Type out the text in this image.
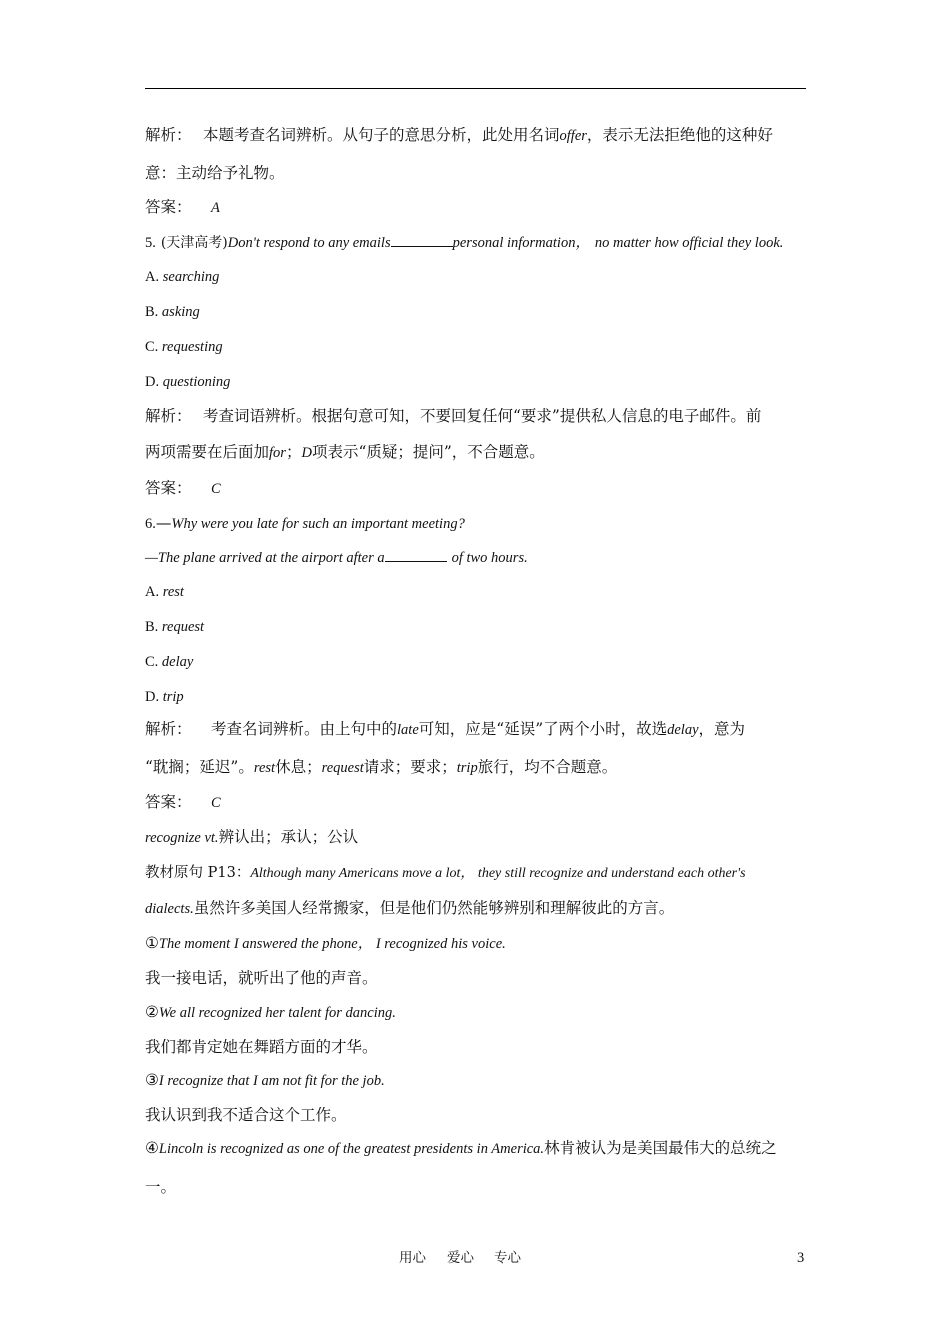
解析： 本题考查名词辨析。从句子的意思分析，此处用名词offer，表示无法拒绝他的这种好
意：主动给予礼物。
答案： A
5. (天津高考)Don't respond to any emails	personal information， no matter how official they look.
A. searching
B. asking
C. requesting
D. questioning
解析： 考查词语辨析。根据句意可知，不要回复任何“要求”提供私人信息的电子邮件。前
两项需要在后面加for；D项表示“质疑；提问”，不合题意。
答案： C
6.—Why were you late for such an important meeting?
—The plane arrived at the airport after a	of two hours.
A. rest
B. request
C. delay
D. trip
解析： 考查名词辨析。由上句中的late可知，应是“延误”了两个小时，故选delay，意为
“耽搁；延迟”。rest休息；request请求；要求；trip旅行，均不合题意。
答案： C
recognize vt.辨认出；承认；公认
教材原句 P13：Although many Americans move a lot， they still recognize and understand each other's
dialects.虽然许多美国人经常搬家，但是他们仍然能够辨别和理解彼此的方言。
①The moment I answered the phone， I recognized his voice.
我一接电话，就听出了他的声音。
②We all recognized her talent for dancing.
我们都肯定她在舞蹈方面的才华。
③I recognize that I am not fit for the job.
我认识到我不适合这个工作。
④Lincoln is recognized as one of the greatest presidents in America.林肯被认为是美国最伟大的总统之
一。
用心 爱心 专心	3
